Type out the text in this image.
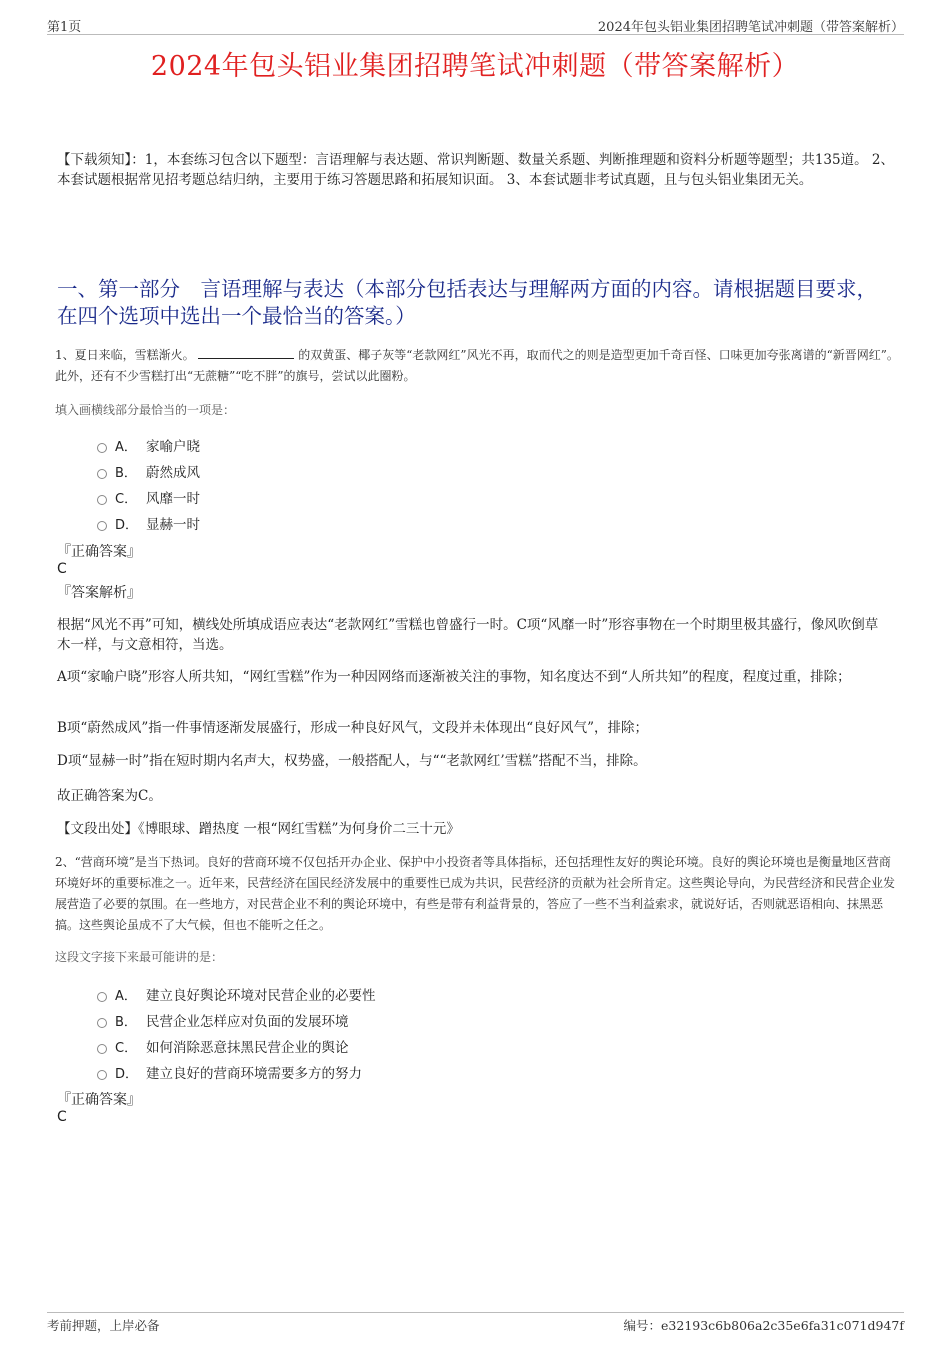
第1页	2024年包头铝业集团招聘笔试冲刺题（带答案解析）
2024年包头铝业集团招聘笔试冲刺题（带答案解析）
【下载须知】：1，本套练习包含以下题型：言语理解与表达题、常识判断题、数量关系题、判断推理题和资料分析题等题型；共135道。 2、本套试题根据常见招考题总结归纳，主要用于练习答题思路和拓展知识面。 3、本套试题非考试真题，且与包头铝业集团无关。
一、第一部分　言语理解与表达（本部分包括表达与理解两方面的内容。请根据题目要求，在四个选项中选出一个最恰当的答案。）
1、夏日来临，雪糕渐火。	的双黄蛋、椰子灰等“老款网红”风光不再，取而代之的则是造型更加千奇百怪、口味更加夸张离谱的“新晋网红”。此外，还有不少雪糕打出“无蔗糖”“吃不胖”的旗号，尝试以此圈粉。
填入画横线部分最恰当的一项是：
A． 家喻户晓
B． 蔚然成风
C． 风靡一时
D． 显赫一时
『正确答案』
C
『答案解析』
根据“风光不再”可知，横线处所填成语应表达“老款网红”雪糕也曾盛行一时。C项“风靡一时”形容事物在一个时期里极其盛行，像风吹倒草木一样，与文意相符，当选。
A项“家喻户晓”形容人所共知，“网红雪糕”作为一种因网络而逐渐被关注的事物，知名度达不到“人所共知”的程度，程度过重，排除；
B项“蔚然成风”指一件事情逐渐发展盛行，形成一种良好风气，文段并未体现出“良好风气”，排除；
D项“显赫一时”指在短时期内名声大，权势盛，一般搭配人，与““老款网红’雪糕”搭配不当，排除。
故正确答案为C。
【文段出处】《博眼球、蹭热度 一根“网红雪糕”为何身价二三十元》
2、“营商环境”是当下热词。良好的营商环境不仅包括开办企业、保护中小投资者等具体指标，还包括理性友好的舆论环境。良好的舆论环境也是衡量地区营商环境好坏的重要标准之一。近年来，民营经济在国民经济发展中的重要性已成为共识，民营经济的贡献为社会所肯定。这些舆论导向，为民营经济和民营企业发展营造了必要的氛围。在一些地方，对民营企业不利的舆论环境中，有些是带有利益背景的，答应了一些不当利益索求，就说好话，否则就恶语相向、抹黑恶搞。这些舆论虽成不了大气候，但也不能听之任之。
这段文字接下来最可能讲的是：
A． 建立良好舆论环境对民营企业的必要性
B． 民营企业怎样应对负面的发展环境
C． 如何消除恶意抹黑民营企业的舆论
D． 建立良好的营商环境需要多方的努力
『正确答案』
C
考前押题，上岸必备	编号：e32193c6b806a2c35e6fa31c071d947f
